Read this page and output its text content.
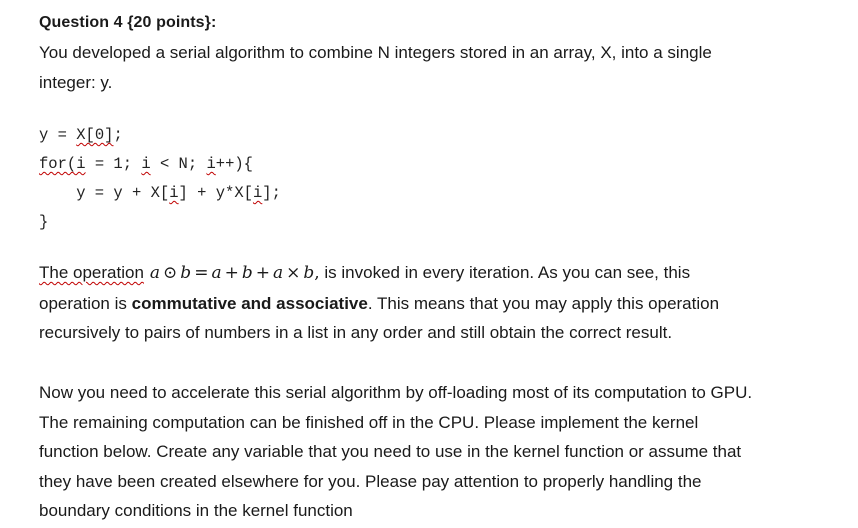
Question 4 {20 points}:
You developed a serial algorithm to combine N integers stored in an array, X, into a single
integer: y.
y = X[0];
for(i = 1; i < N; i++){
y = y + X[i] + y*X[i];
}
The operation a ⊙ b = a + b + a × b, is invoked in every iteration. As you can see, this
operation is commutative and associative. This means that you may apply this operation
recursively to pairs of numbers in a list in any order and still obtain the correct result.
Now you need to accelerate this serial algorithm by off-loading most of its computation to GPU.
The remaining computation can be finished off in the CPU. Please implement the kernel
function below. Create any variable that you need to use in the kernel function or assume that
they have been created elsewhere for you. Please pay attention to properly handling the
boundary conditions in the kernel function
